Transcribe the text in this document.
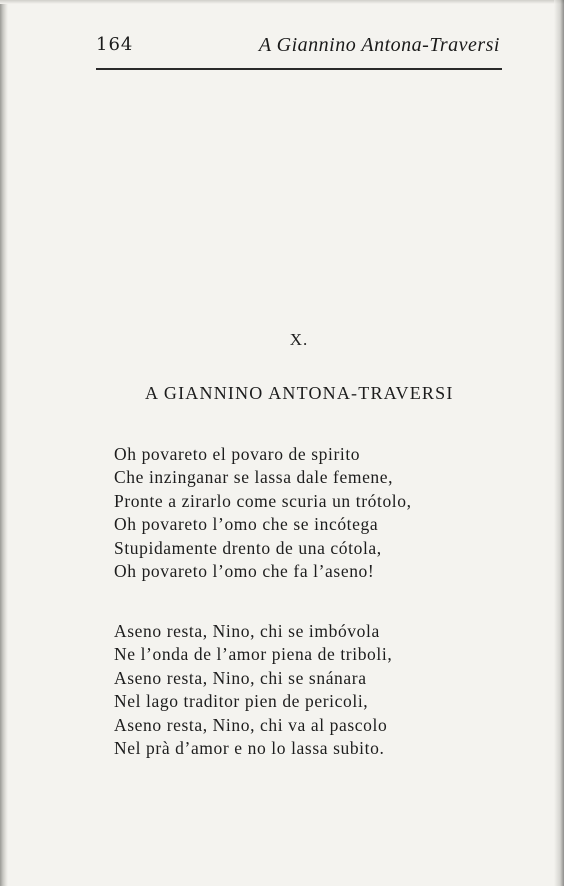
164	A Giannino Antona-Traversi
X.
A GIANNINO ANTONA-TRAVERSI
Oh povareto el povaro de spirito
Che inzinganar se lassa dale femene,
Pronte a zirarlo come scuria un trótolo,
Oh povareto l’omo che se incótega
Stupidamente drento de una cótola,
Oh povareto l’omo che fa l’aseno!
Aseno resta, Nino, chi se imbóvola
Ne l’onda de l’amor piena de triboli,
Aseno resta, Nino, chi se snánara
Nel lago traditor pien de pericoli,
Aseno resta, Nino, chi va al pascolo
Nel prà d’amor e no lo lassa subito.
